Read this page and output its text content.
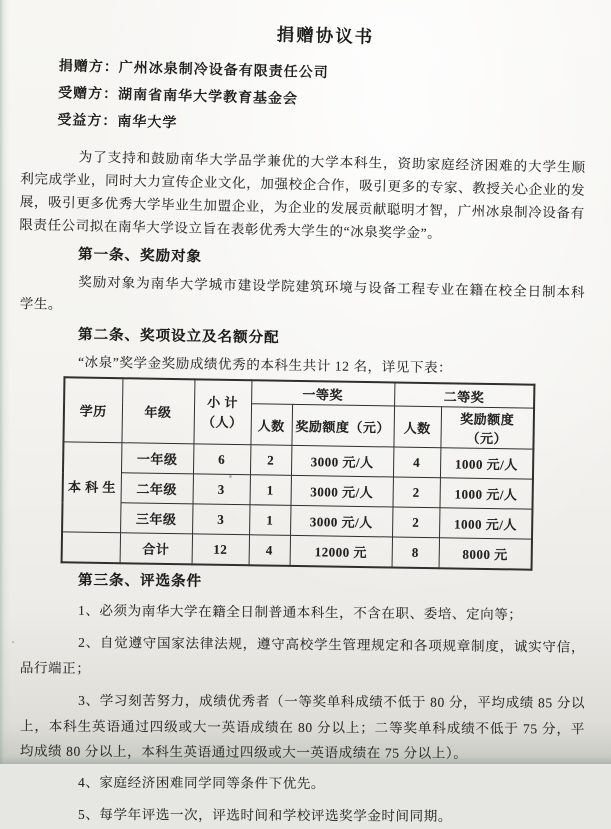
捐赠协议书
捐赠方：广州冰泉制冷设备有限责任公司
受赠方：湖南省南华大学教育基金会
受益方：南华大学

为了支持和鼓励南华大学品学兼优的大学本科生，资助家庭经济困难的大学生顺利完成学业，同时大力宣传企业文化，加强校企合作，吸引更多的专家、教授关心企业的发展，吸引更多优秀大学毕业生加盟企业，为企业的发展贡献聪明才智，广州冰泉制冷设备有限责任公司拟在南华大学设立旨在表彰优秀大学生的“冰泉奖学金”。

第一条、奖励对象

奖励对象为南华大学城市建设学院建筑环境与设备工程专业在籍在校全日制本科学生。

第二条、奖项设立及名额分配

“冰泉”奖学金奖励成绩优秀的本科生共计 12 名，详见下表：

学历	年级	小 计
（人）	一等奖		二等奖	
			人数	奖励额度（元）	人数	奖励额度（元）
本 科 生	一年级	6	2	3000 元/人	4	1000 元/人
	二年级	3	1	3000 元/人	2	1000 元/人
	三年级	3	1	3000 元/人	2	1000 元/人
	合计	12	4	12000 元	8	8000 元
第三条、评选条件

1、必须为南华大学在籍全日制普通本科生，不含在职、委培、定向等；

2、自觉遵守国家法律法规，遵守高校学生管理规定和各项规章制度，诚实守信，品行端正；

3、学习刻苦努力，成绩优秀者（一等奖单科成绩不低于 80 分，平均成绩 85 分以上，本科生英语通过四级或大一英语成绩在 80 分以上；二等奖单科成绩不低于 75 分，平均成绩 80 分以上，本科生英语通过四级或大一英语成绩在 75 分以上）。

4、家庭经济困难同学同等条件下优先。

5、每学年评选一次，评选时间和学校评选奖学金时间同期。
